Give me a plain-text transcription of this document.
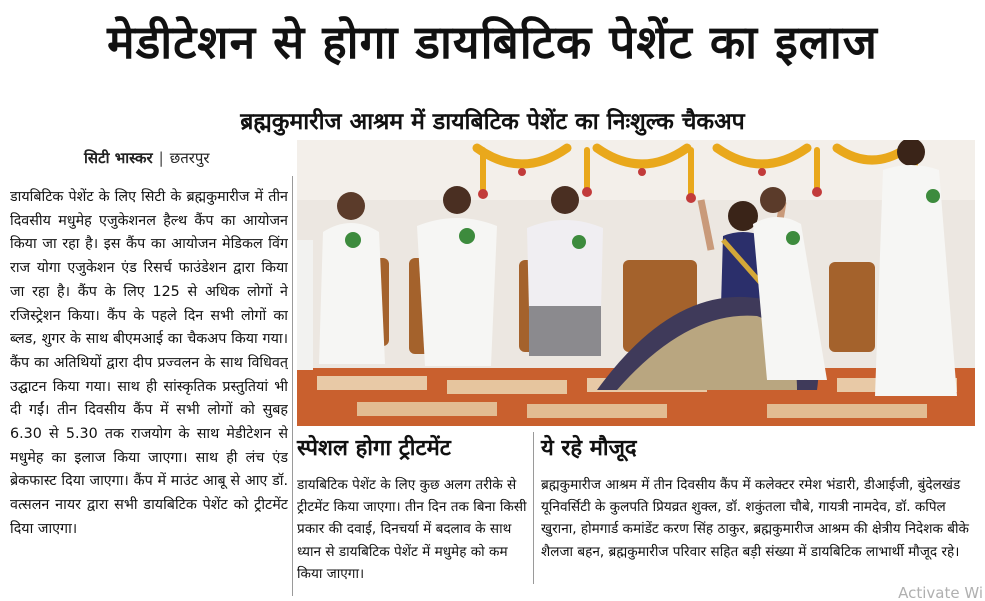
मेडीटेशन से होगा डायबिटिक पेशेंट का इलाज
ब्रह्मकुमारीज आश्रम में डायबिटिक पेशेंट का निःशुल्क चैकअप
सिटी भास्कर | छतरपुर

डायबिटिक पेशेंट के लिए सिटी के ब्रह्मकुमारीज में तीन दिवसीय मधुमेह एजुकेशनल हैल्थ कैंप का आयोजन किया जा रहा है। इस कैंप का आयोजन मेडिकल विंग राज योगा एजुकेशन एंड रिसर्च फाउंडेशन द्वारा किया जा रहा है। कैंप के लिए 125 से अधिक लोगों ने रजिस्ट्रेशन किया। कैंप के पहले दिन सभी लोगों का ब्लड, शुगर के साथ बीएमआई का चैकअप किया गया। कैंप का अतिथियों द्वारा दीप प्रज्वलन के साथ विधिवत् उद्घाटन किया गया। साथ ही सांस्कृतिक प्रस्तुतियां भी दी गईं। तीन दिवसीय कैंप में सभी लोगों को सुबह 6.30 से 5.30 तक राजयोग के साथ मेडीटेशन से मधुमेह का इलाज किया जाएगा। साथ ही लंच एंड ब्रेकफास्ट दिया जाएगा। कैंप में माउंट आबू से आए डॉ. वत्सलन नायर द्वारा सभी डायबिटिक पेशेंट को ट्रीटमेंट दिया जाएगा।

स्पेशल होगा ट्रीटमेंट

डायबिटिक पेशेंट के लिए कुछ अलग तरीके से ट्रीटमेंट किया जाएगा। तीन दिन तक बिना किसी प्रकार की दवाई, दिनचर्या में बदलाव के साथ ध्यान से डायबिटिक पेशेंट में मधुमेह को कम किया जाएगा।

ये रहे मौजूद

ब्रह्मकुमारीज आश्रम में तीन दिवसीय कैंप में कलेक्टर रमेश भंडारी, डीआईजी, बुंदेलखंड यूनिवर्सिटी के कुलपति प्रियव्रत शुक्ल, डॉ. शकुंतला चौबे, गायत्री नामदेव, डॉ. कपिल खुराना, होमगार्ड कमांडेंट करण सिंह ठाकुर, ब्रह्मकुमारीज आश्रम की क्षेत्रीय निदेशक बीके शैलजा बहन, ब्रह्मकुमारीज परिवार सहित बड़ी संख्या में डायबिटिक लाभार्थी मौजूद रहे।

Activate Wi
